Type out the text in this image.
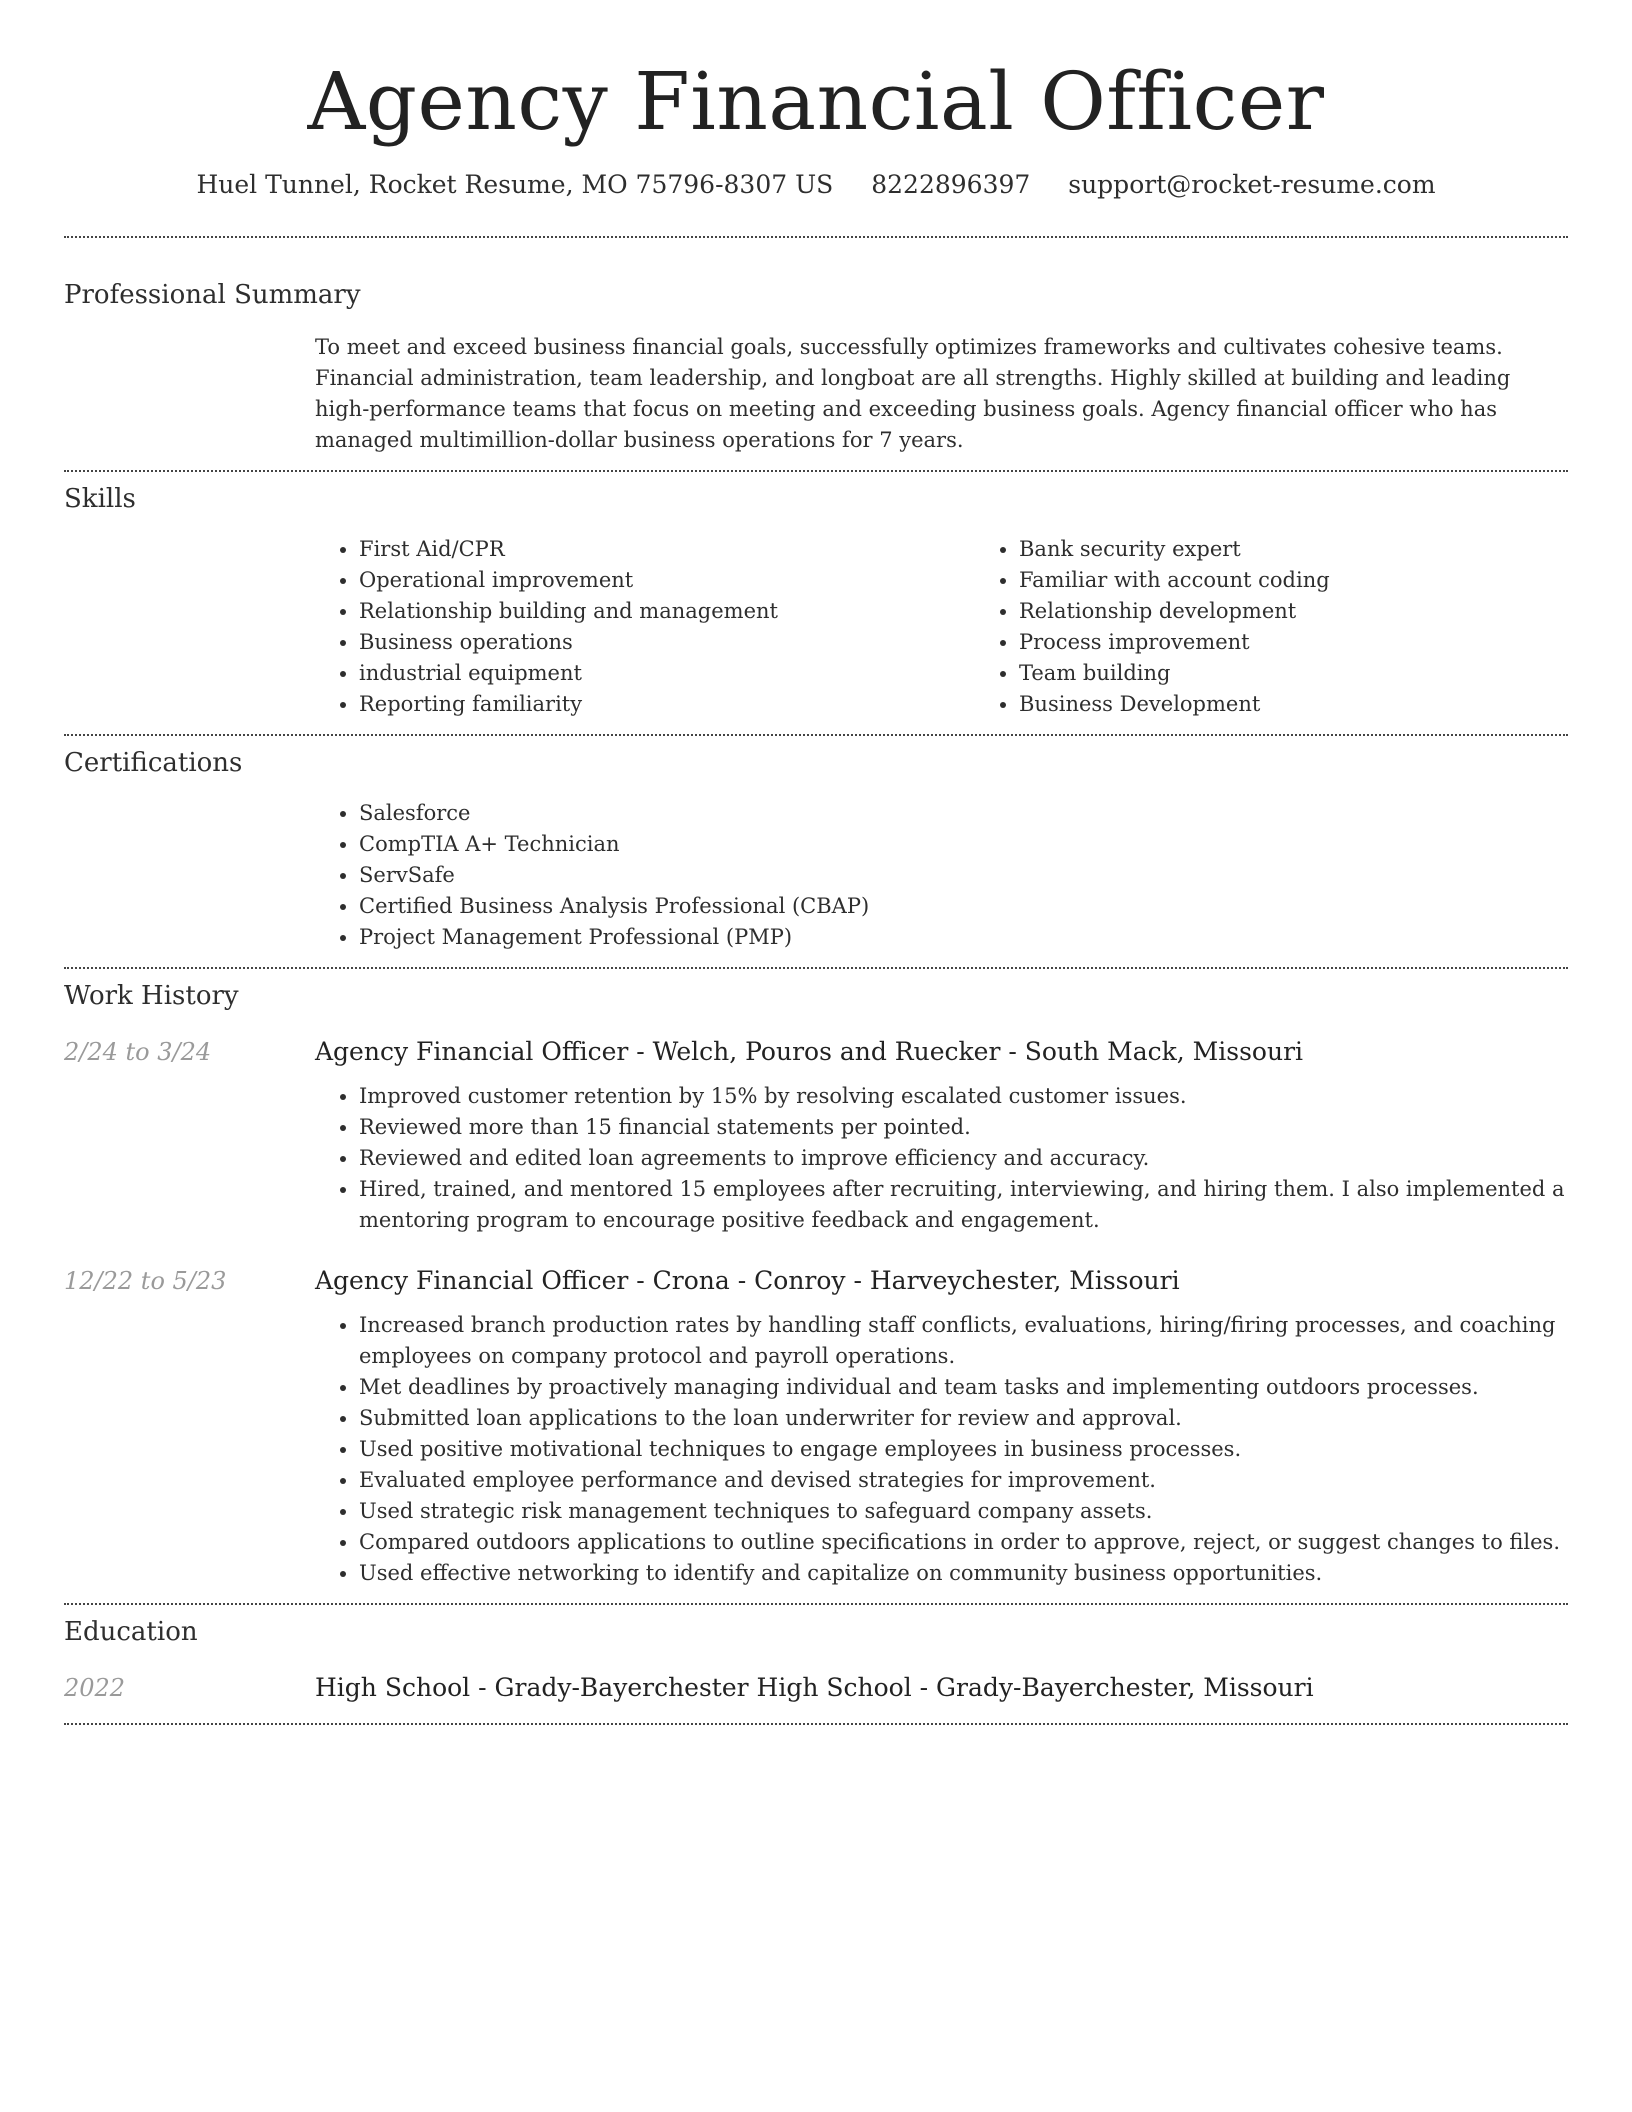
Agency Financial Officer
Huel Tunnel, Rocket Resume, MO 75796-8307 US 8222896397 support@rocket-resume.com
Professional Summary
To meet and exceed business financial goals, successfully optimizes frameworks and cultivates cohesive teams. Financial administration, team leadership, and longboat are all strengths. Highly skilled at building and leading high-performance teams that focus on meeting and exceeding business goals. Agency financial officer who has managed multimillion-dollar business operations for 7 years.
Skills
• First Aid/CPR
• Operational improvement
• Relationship building and management
• Business operations
• industrial equipment
• Reporting familiarity
• Bank security expert
• Familiar with account coding
• Relationship development
• Process improvement
• Team building
• Business Development
Certifications
• Salesforce
• CompTIA A+ Technician
• ServSafe
• Certified Business Analysis Professional (CBAP)
• Project Management Professional (PMP)
Work History
2/24 to 3/24	Agency Financial Officer - Welch, Pouros and Ruecker - South Mack, Missouri
• Improved customer retention by 15% by resolving escalated customer issues.
• Reviewed more than 15 financial statements per pointed.
• Reviewed and edited loan agreements to improve efficiency and accuracy.
• Hired, trained, and mentored 15 employees after recruiting, interviewing, and hiring them. I also implemented a mentoring program to encourage positive feedback and engagement.
12/22 to 5/23	Agency Financial Officer - Crona - Conroy - Harveychester, Missouri
• Increased branch production rates by handling staff conflicts, evaluations, hiring/firing processes, and coaching employees on company protocol and payroll operations.
• Met deadlines by proactively managing individual and team tasks and implementing outdoors processes.
• Submitted loan applications to the loan underwriter for review and approval.
• Used positive motivational techniques to engage employees in business processes.
• Evaluated employee performance and devised strategies for improvement.
• Used strategic risk management techniques to safeguard company assets.
• Compared outdoors applications to outline specifications in order to approve, reject, or suggest changes to files.
• Used effective networking to identify and capitalize on community business opportunities.
Education
2022	High School - Grady-Bayerchester High School - Grady-Bayerchester, Missouri
